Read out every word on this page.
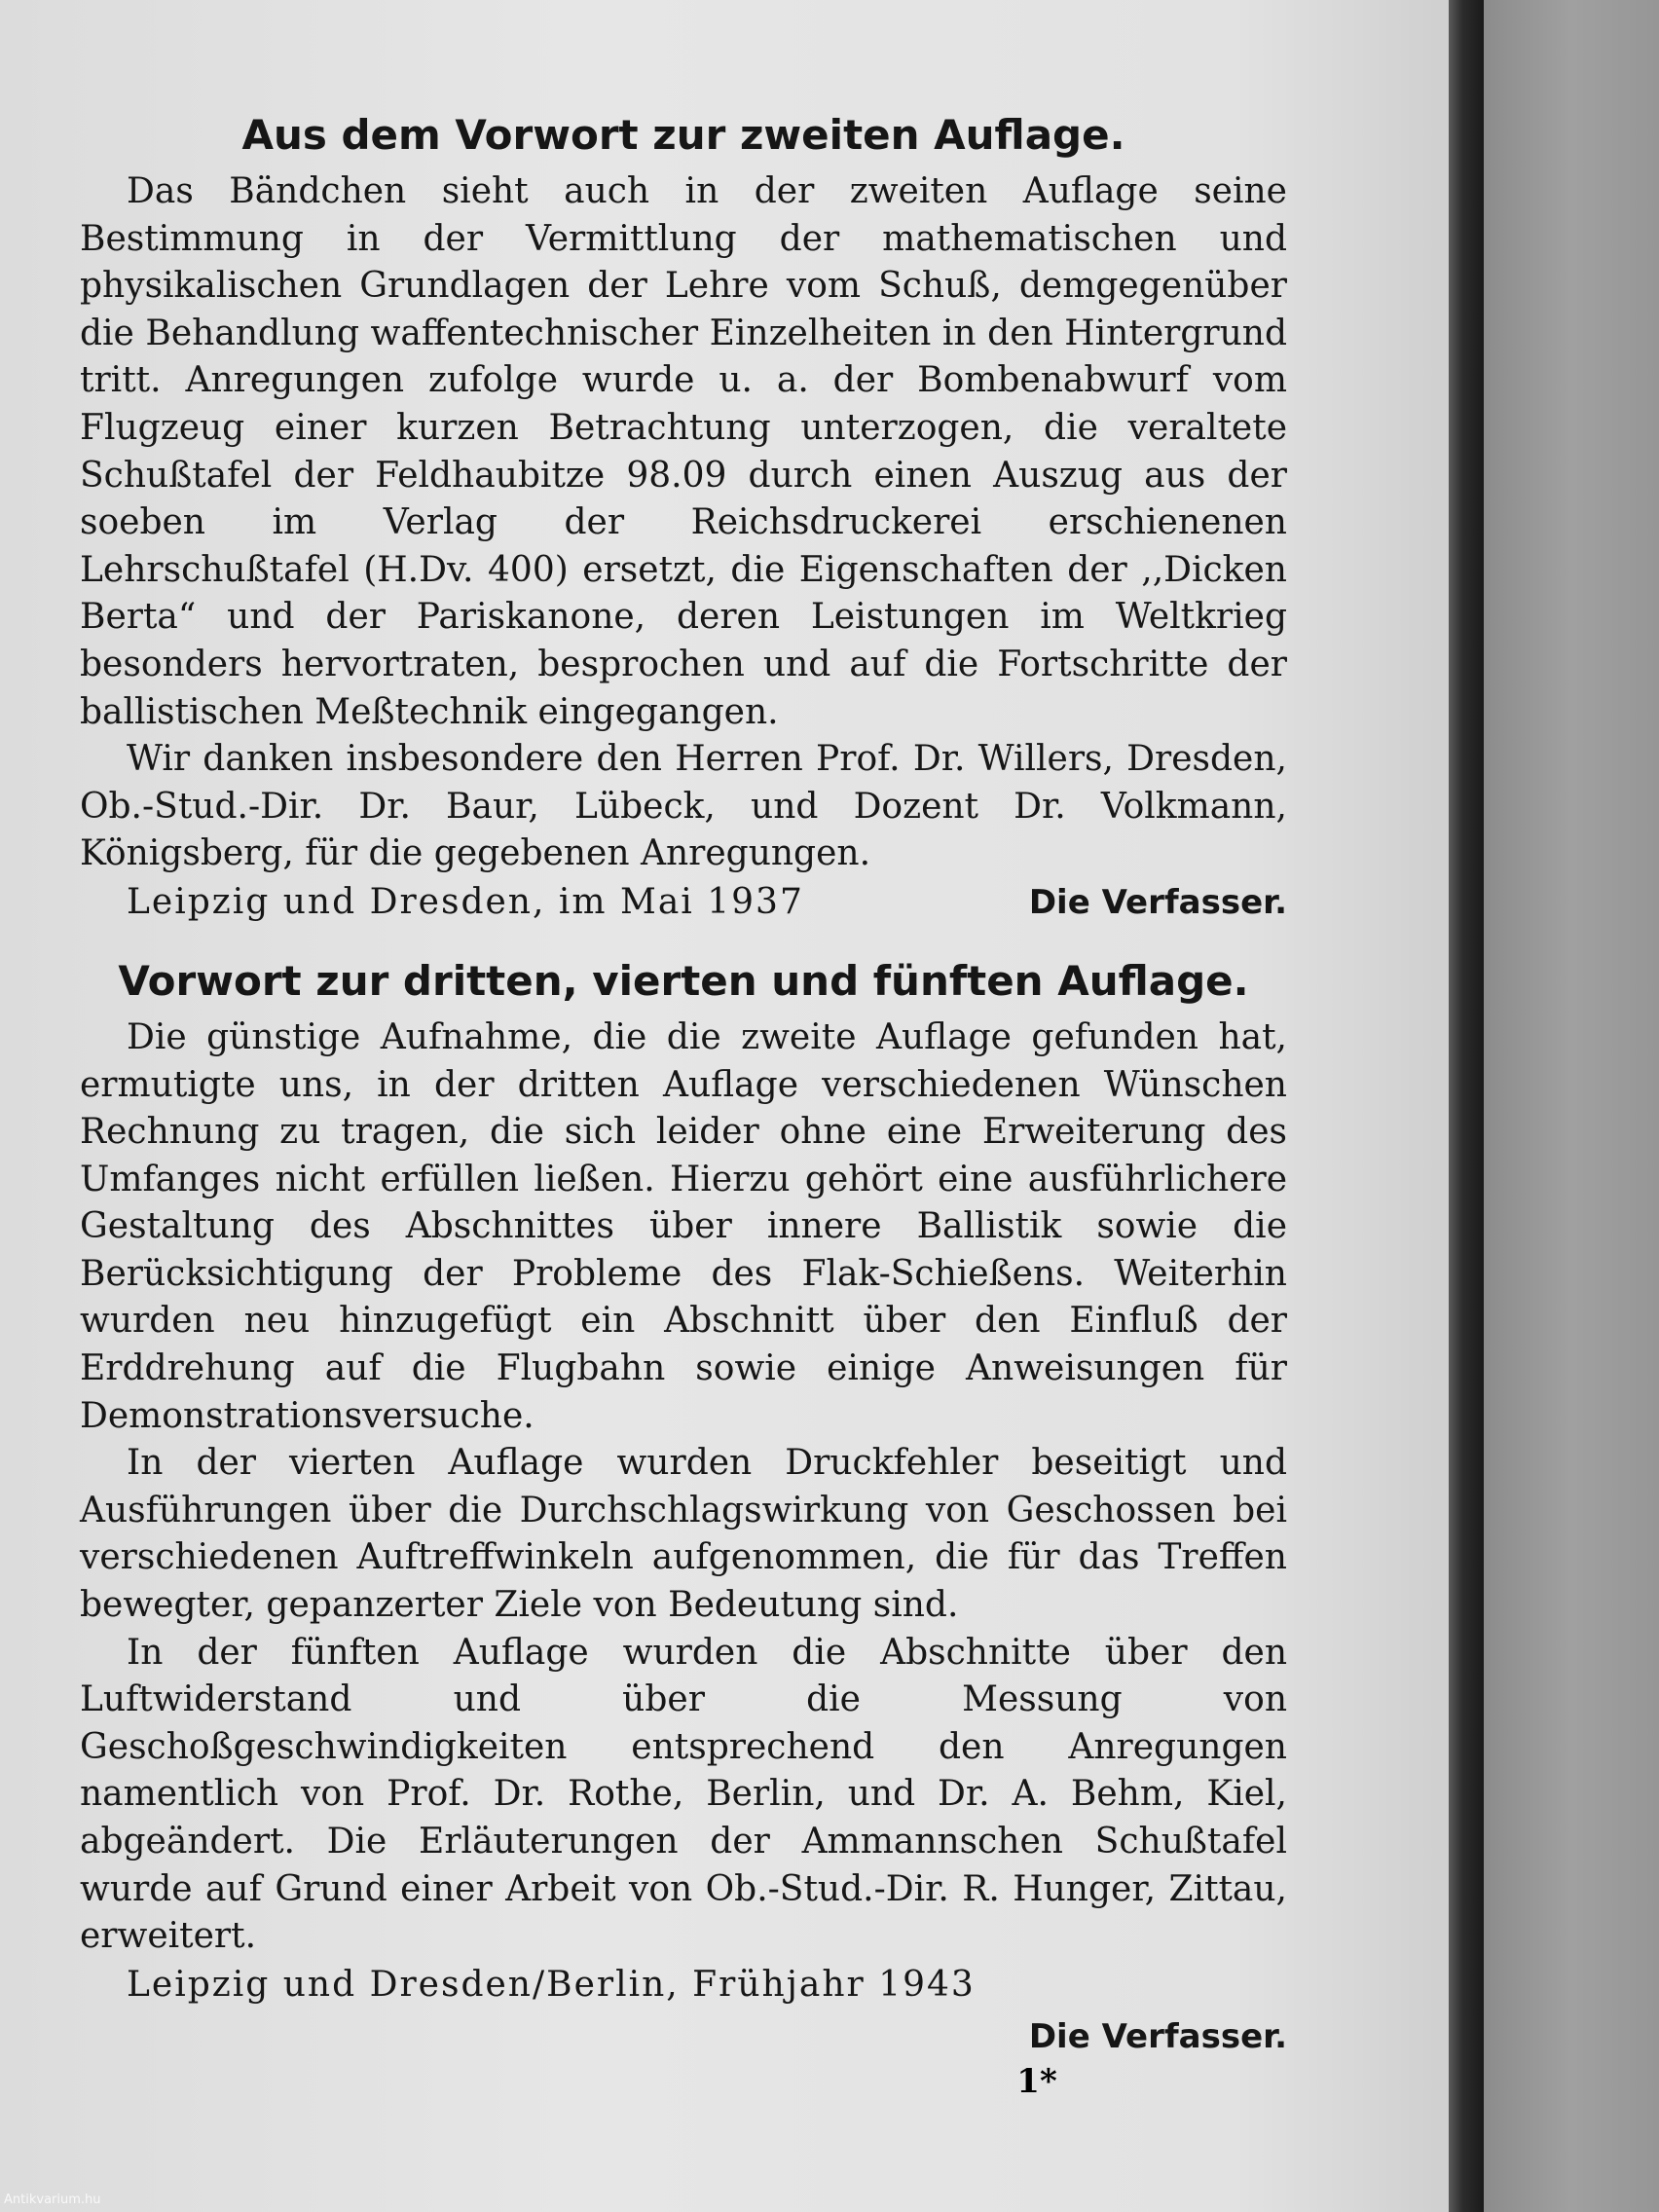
Aus dem Vorwort zur zweiten Auflage.

Das Bändchen sieht auch in der zweiten Auflage seine Bestimmung in der Vermittlung der mathematischen und physikalischen Grundlagen der Lehre vom Schuß, demgegenüber die Behandlung waffentechnischer Einzelheiten in den Hintergrund tritt. Anregungen zufolge wurde u. a. der Bombenabwurf vom Flugzeug einer kurzen Betrachtung unterzogen, die veraltete Schußtafel der Feldhaubitze 98.09 durch einen Auszug aus der soeben im Verlag der Reichsdruckerei erschienenen Lehrschußtafel (H.Dv. 400) ersetzt, die Eigenschaften der ,,Dicken Berta“ und der Pariskanone, deren Leistungen im Weltkrieg besonders hervortraten, besprochen und auf die Fortschritte der ballistischen Meßtechnik eingegangen.

Wir danken insbesondere den Herren Prof. Dr. Willers, Dresden, Ob.-Stud.-Dir. Dr. Baur, Lübeck, und Dozent Dr. Volkmann, Königsberg, für die gegebenen Anregungen.

Leipzig und Dresden, im Mai 1937	Die Verfasser.
Vorwort zur dritten, vierten und fünften Auflage.

Die günstige Aufnahme, die die zweite Auflage gefunden hat, ermutigte uns, in der dritten Auflage verschiedenen Wünschen Rechnung zu tragen, die sich leider ohne eine Erweiterung des Umfanges nicht erfüllen ließen. Hierzu gehört eine ausführlichere Gestaltung des Abschnittes über innere Ballistik sowie die Berücksichtigung der Probleme des Flak-Schießens. Weiterhin wurden neu hinzugefügt ein Abschnitt über den Einfluß der Erddrehung auf die Flugbahn sowie einige Anweisungen für Demonstrationsversuche.

In der vierten Auflage wurden Druckfehler beseitigt und Ausführungen über die Durchschlagswirkung von Geschossen bei verschiedenen Auftreffwinkeln aufgenommen, die für das Treffen bewegter, gepanzerter Ziele von Bedeutung sind.

In der fünften Auflage wurden die Abschnitte über den Luftwiderstand und über die Messung von Geschoßgeschwindigkeiten entsprechend den Anregungen namentlich von Prof. Dr. Rothe, Berlin, und Dr. A. Behm, Kiel, abgeändert. Die Erläuterungen der Ammannschen Schußtafel wurde auf Grund einer Arbeit von Ob.-Stud.-Dir. R. Hunger, Zittau, erweitert.

Leipzig und Dresden/Berlin, Frühjahr 1943
Die Verfasser.
1*
Antikvarium.hu
